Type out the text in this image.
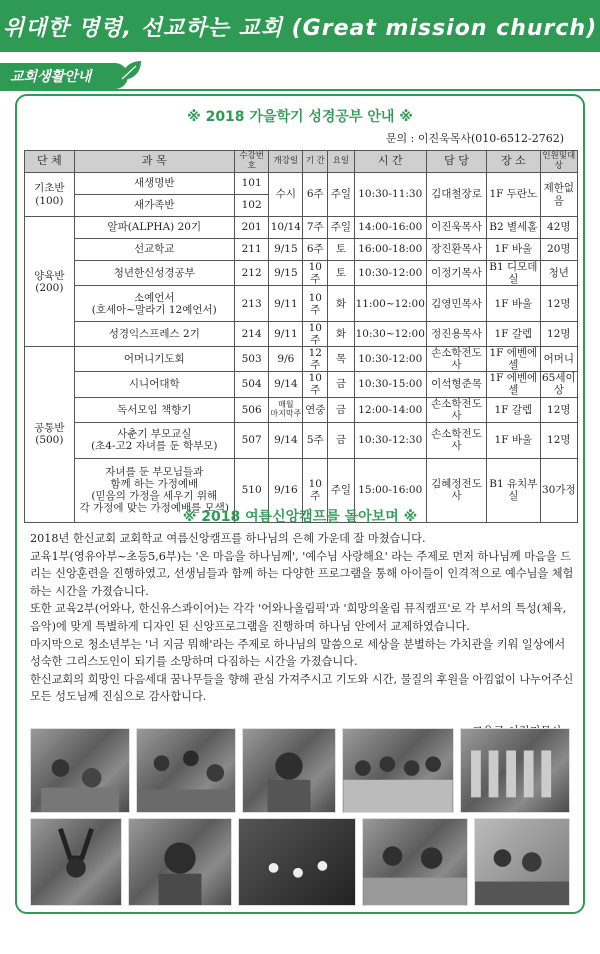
위대한 명령, 선교하는 교회 (Great mission church)
교회생활안내
※ 2018 가을학기 성경공부 안내 ※
문의 : 이진욱목사(010-6512-2762)
단 체	과 목	수강번호	개강일	기 간	요일	시 간	담 당	장 소	인원및대상
기초반
(100)	새생명반	101	수시	6주	주일	10:30-11:30	김대철장로	1F 두란노	제한없음
	새가족반	102							
양육반
(200)	알파(ALPHA) 20기	201	10/14	7주	주일	14:00-16:00	이진욱목사	B2 별세홀	42명
	선교학교	211	9/15	6주	토	16:00-18:00	장진환목사	1F 바울	20명
	청년한신성경공부	212	9/15	10주	토	10:30-12:00	이정기목사	B1 디모데실	청년
	소예언서
(호세아~말라기 12예언서)	213	9/11	10주	화	11:00~12:00	김영민목사	1F 바울	12명
	성경익스프레스 2기	214	9/11	10주	화	10:30~12:00	정진용목사	1F 갈렙	12명
공통반
(500)	어머니기도회	503	9/6	12주	목	10:30-12:00	손소학전도사	1F 에벤에셀	어머니
	시니어대학	504	9/14	10주	금	10:30-15:00	이석형준목	1F 에벤에셀	65세이상
	독서모임 책향기	506	매월
마지막주	연중	금	12:00-14:00	손소학전도사	1F 갈렙	12명
	사춘기 부모교실
(초4-고2 자녀를 둔 학부모)	507	9/14	5주	금	10:30-12:30	손소학전도사	1F 바울	12명
	자녀를 둔 부모님들과
함께 하는 가정예배
(믿음의 가정을 세우기 위해
각 가정에 맞는 가정예배를 모색)	510	9/16	10주	주일	15:00-16:00	김혜정전도사	B1 유치부실	30가정
※ 2018 여름신앙캠프를 돌아보며 ※

2018년 한신교회 교회학교 여름신앙캠프를 하나님의 은혜 가운데 잘 마쳤습니다.

교육1부(영유아부~초등5,6부)는 '온 마음을 하나님께', '예수님 사랑해요' 라는 주제로 먼저 하나님께 마음을 드리는 신앙훈련을 진행하였고, 선생님들과 함께 하는 다양한 프로그램을 통해 아이들이 인격적으로 예수님을 체험하는 시간을 가졌습니다.

또한 교육2부(어와나, 한신유스콰이어)는 각각 '어와나올림픽'과 '희망의올림 뮤직캠프'로 각 부서의 특성(체육, 음악)에 맞게 특별하게 디자인 된 신앙프로그램을 진행하며 하나님 안에서 교제하였습니다.

마지막으로 청소년부는 '너 지금 뭐해'라는 주제로 하나님의 말씀으로 세상을 분별하는 가치관을 키워 일상에서 성숙한 그리스도인이 되기를 소망하며 다짐하는 시간을 가졌습니다.

한신교회의 희망인 다음세대 꿈나무들을 향해 관심 가져주시고 기도와 시간, 물질의 후원을 아낌없이 나누어주신 모든 성도님께 진심으로 감사합니다.
